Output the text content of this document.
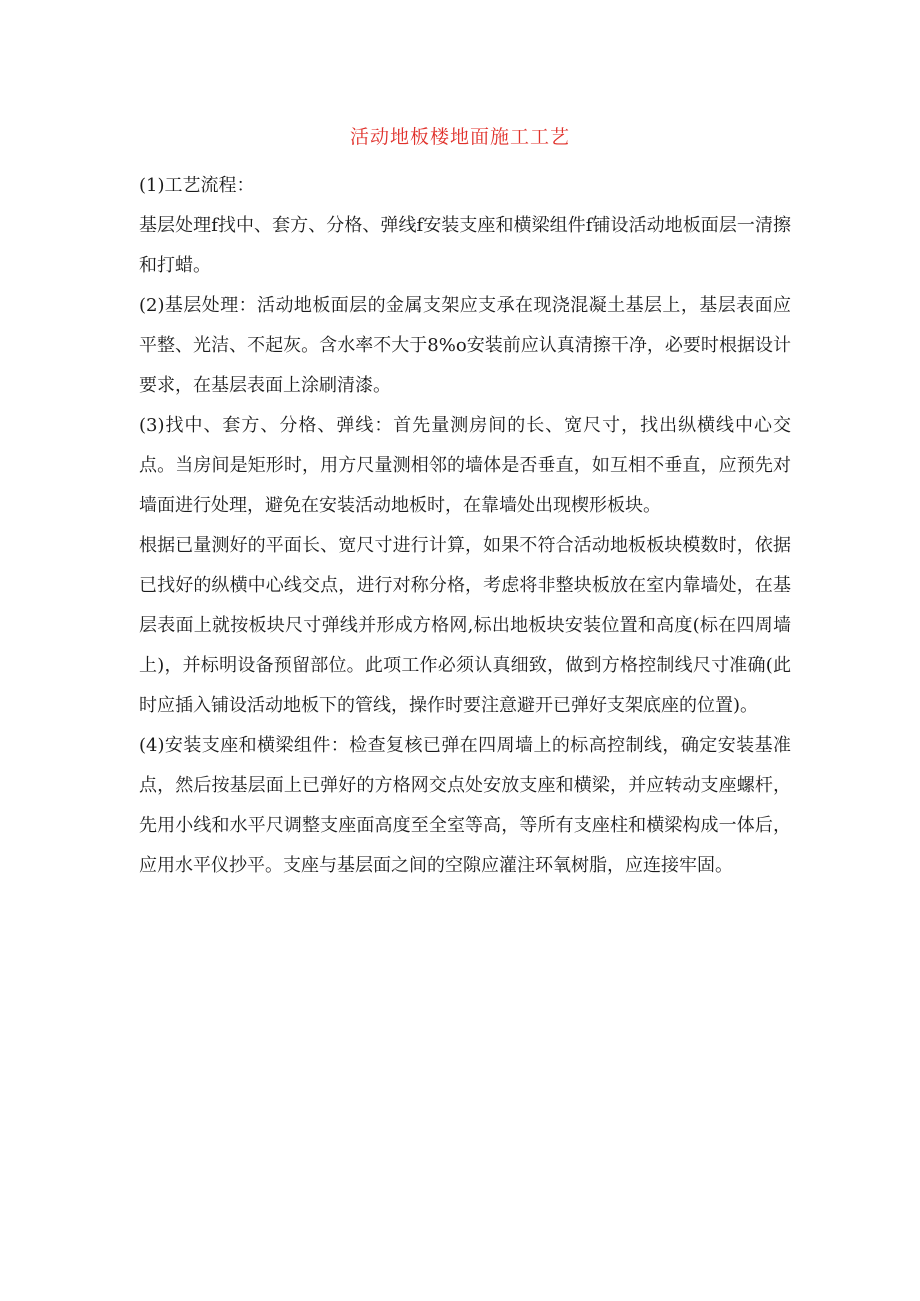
活动地板楼地面施工工艺

(1)工艺流程：

基层处理f找中、套方、分格、弹线f安装支座和横梁组件f铺设活动地板面层一清擦和打蜡。

(2)基层处理：活动地板面层的金属支架应支承在现浇混凝土基层上，基层表面应平整、光洁、不起灰。含水率不大于8%o安装前应认真清擦干净，必要时根据设计要求，在基层表面上涂刷清漆。

(3)找中、套方、分格、弹线：首先量测房间的长、宽尺寸，找出纵横线中心交点。当房间是矩形时，用方尺量测相邻的墙体是否垂直，如互相不垂直，应预先对墙面进行处理，避免在安装活动地板时，在靠墙处出现楔形板块。

根据已量测好的平面长、宽尺寸进行计算，如果不符合活动地板板块模数时，依据已找好的纵横中心线交点，进行对称分格，考虑将非整块板放在室内靠墙处，在基层表面上就按板块尺寸弹线并形成方格网,标出地板块安装位置和高度(标在四周墙上)，并标明设备预留部位。此项工作必须认真细致，做到方格控制线尺寸准确(此时应插入铺设活动地板下的管线，操作时要注意避开已弹好支架底座的位置)。

(4)安装支座和横梁组件：检查复核已弹在四周墙上的标高控制线，确定安装基准点，然后按基层面上已弹好的方格网交点处安放支座和横梁，并应转动支座螺杆，先用小线和水平尺调整支座面高度至全室等高，等所有支座柱和横梁构成一体后，应用水平仪抄平。支座与基层面之间的空隙应灌注环氧树脂，应连接牢固。
